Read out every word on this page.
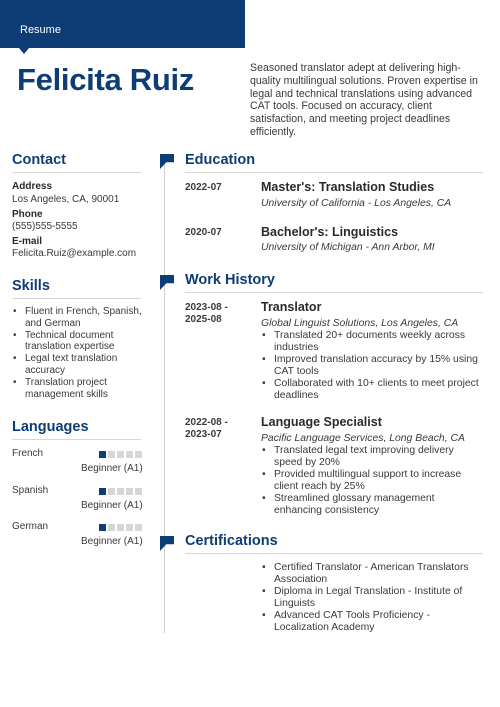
Resume
Felicita Ruiz	Seasoned translator adept at delivering high-quality multilingual solutions. Proven expertise in legal and technical translations using advanced CAT tools. Focused on accuracy, client satisfaction, and meeting project deadlines efficiently.
Contact
Address
Los Angeles, CA, 90001
Phone
(555)555-5555
E-mail
Felicita.Ruiz@example.com
Skills
• Fluent in French, Spanish, and German
• Technical document translation expertise
• Legal text translation accuracy
• Translation project management skills
Languages
French
Beginner (A1)
Spanish
Beginner (A1)
German
Beginner (A1)
Education
2022-07	Master's: Translation Studies
University of California - Los Angeles, CA
2020-07	Bachelor's: Linguistics
University of Michigan - Ann Arbor, MI
Work History
2023-08 -
2025-08
Translator
Global Linguist Solutions, Los Angeles, CA
• Translated 20+ documents weekly across industries
• Improved translation accuracy by 15% using CAT tools
• Collaborated with 10+ clients to meet project deadlines
2022-08 -
2023-07
Language Specialist
Pacific Language Services, Long Beach, CA
• Translated legal text improving delivery speed by 20%
• Provided multilingual support to increase client reach by 25%
• Streamlined glossary management enhancing consistency
Certifications
• Certified Translator - American Translators Association
• Diploma in Legal Translation - Institute of Linguists
• Advanced CAT Tools Proficiency - Localization Academy
